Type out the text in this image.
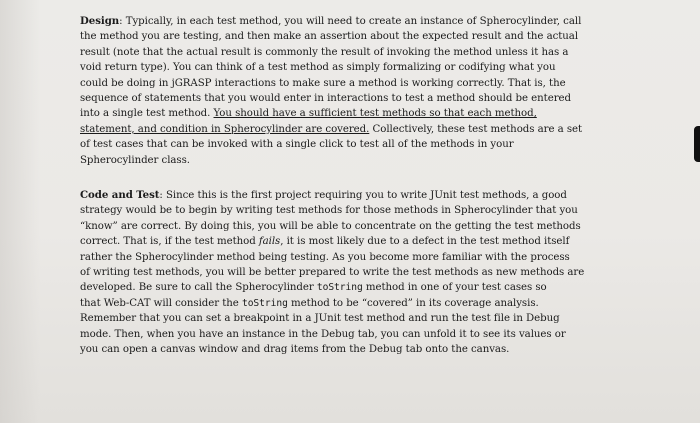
Design: Typically, in each test method, you will need to create an instance of Spherocylinder, call
the method you are testing, and then make an assertion about the expected result and the actual
result (note that the actual result is commonly the result of invoking the method unless it has a
void return type). You can think of a test method as simply formalizing or codifying what you
could be doing in jGRASP interactions to make sure a method is working correctly. That is, the
sequence of statements that you would enter in interactions to test a method should be entered
into a single test method. You should have a sufficient test methods so that each method,
statement, and condition in Spherocylinder are covered. Collectively, these test methods are a set
of test cases that can be invoked with a single click to test all of the methods in your
Spherocylinder class.
Code and Test: Since this is the first project requiring you to write JUnit test methods, a good
strategy would be to begin by writing test methods for those methods in Spherocylinder that you
“know” are correct. By doing this, you will be able to concentrate on the getting the test methods
correct. That is, if the test method fails, it is most likely due to a defect in the test method itself
rather the Spherocylinder method being testing. As you become more familiar with the process
of writing test methods, you will be better prepared to write the test methods as new methods are
developed. Be sure to call the Spherocylinder toString method in one of your test cases so
that Web-CAT will consider the toString method to be “covered” in its coverage analysis.
Remember that you can set a breakpoint in a JUnit test method and run the test file in Debug
mode. Then, when you have an instance in the Debug tab, you can unfold it to see its values or
you can open a canvas window and drag items from the Debug tab onto the canvas.
